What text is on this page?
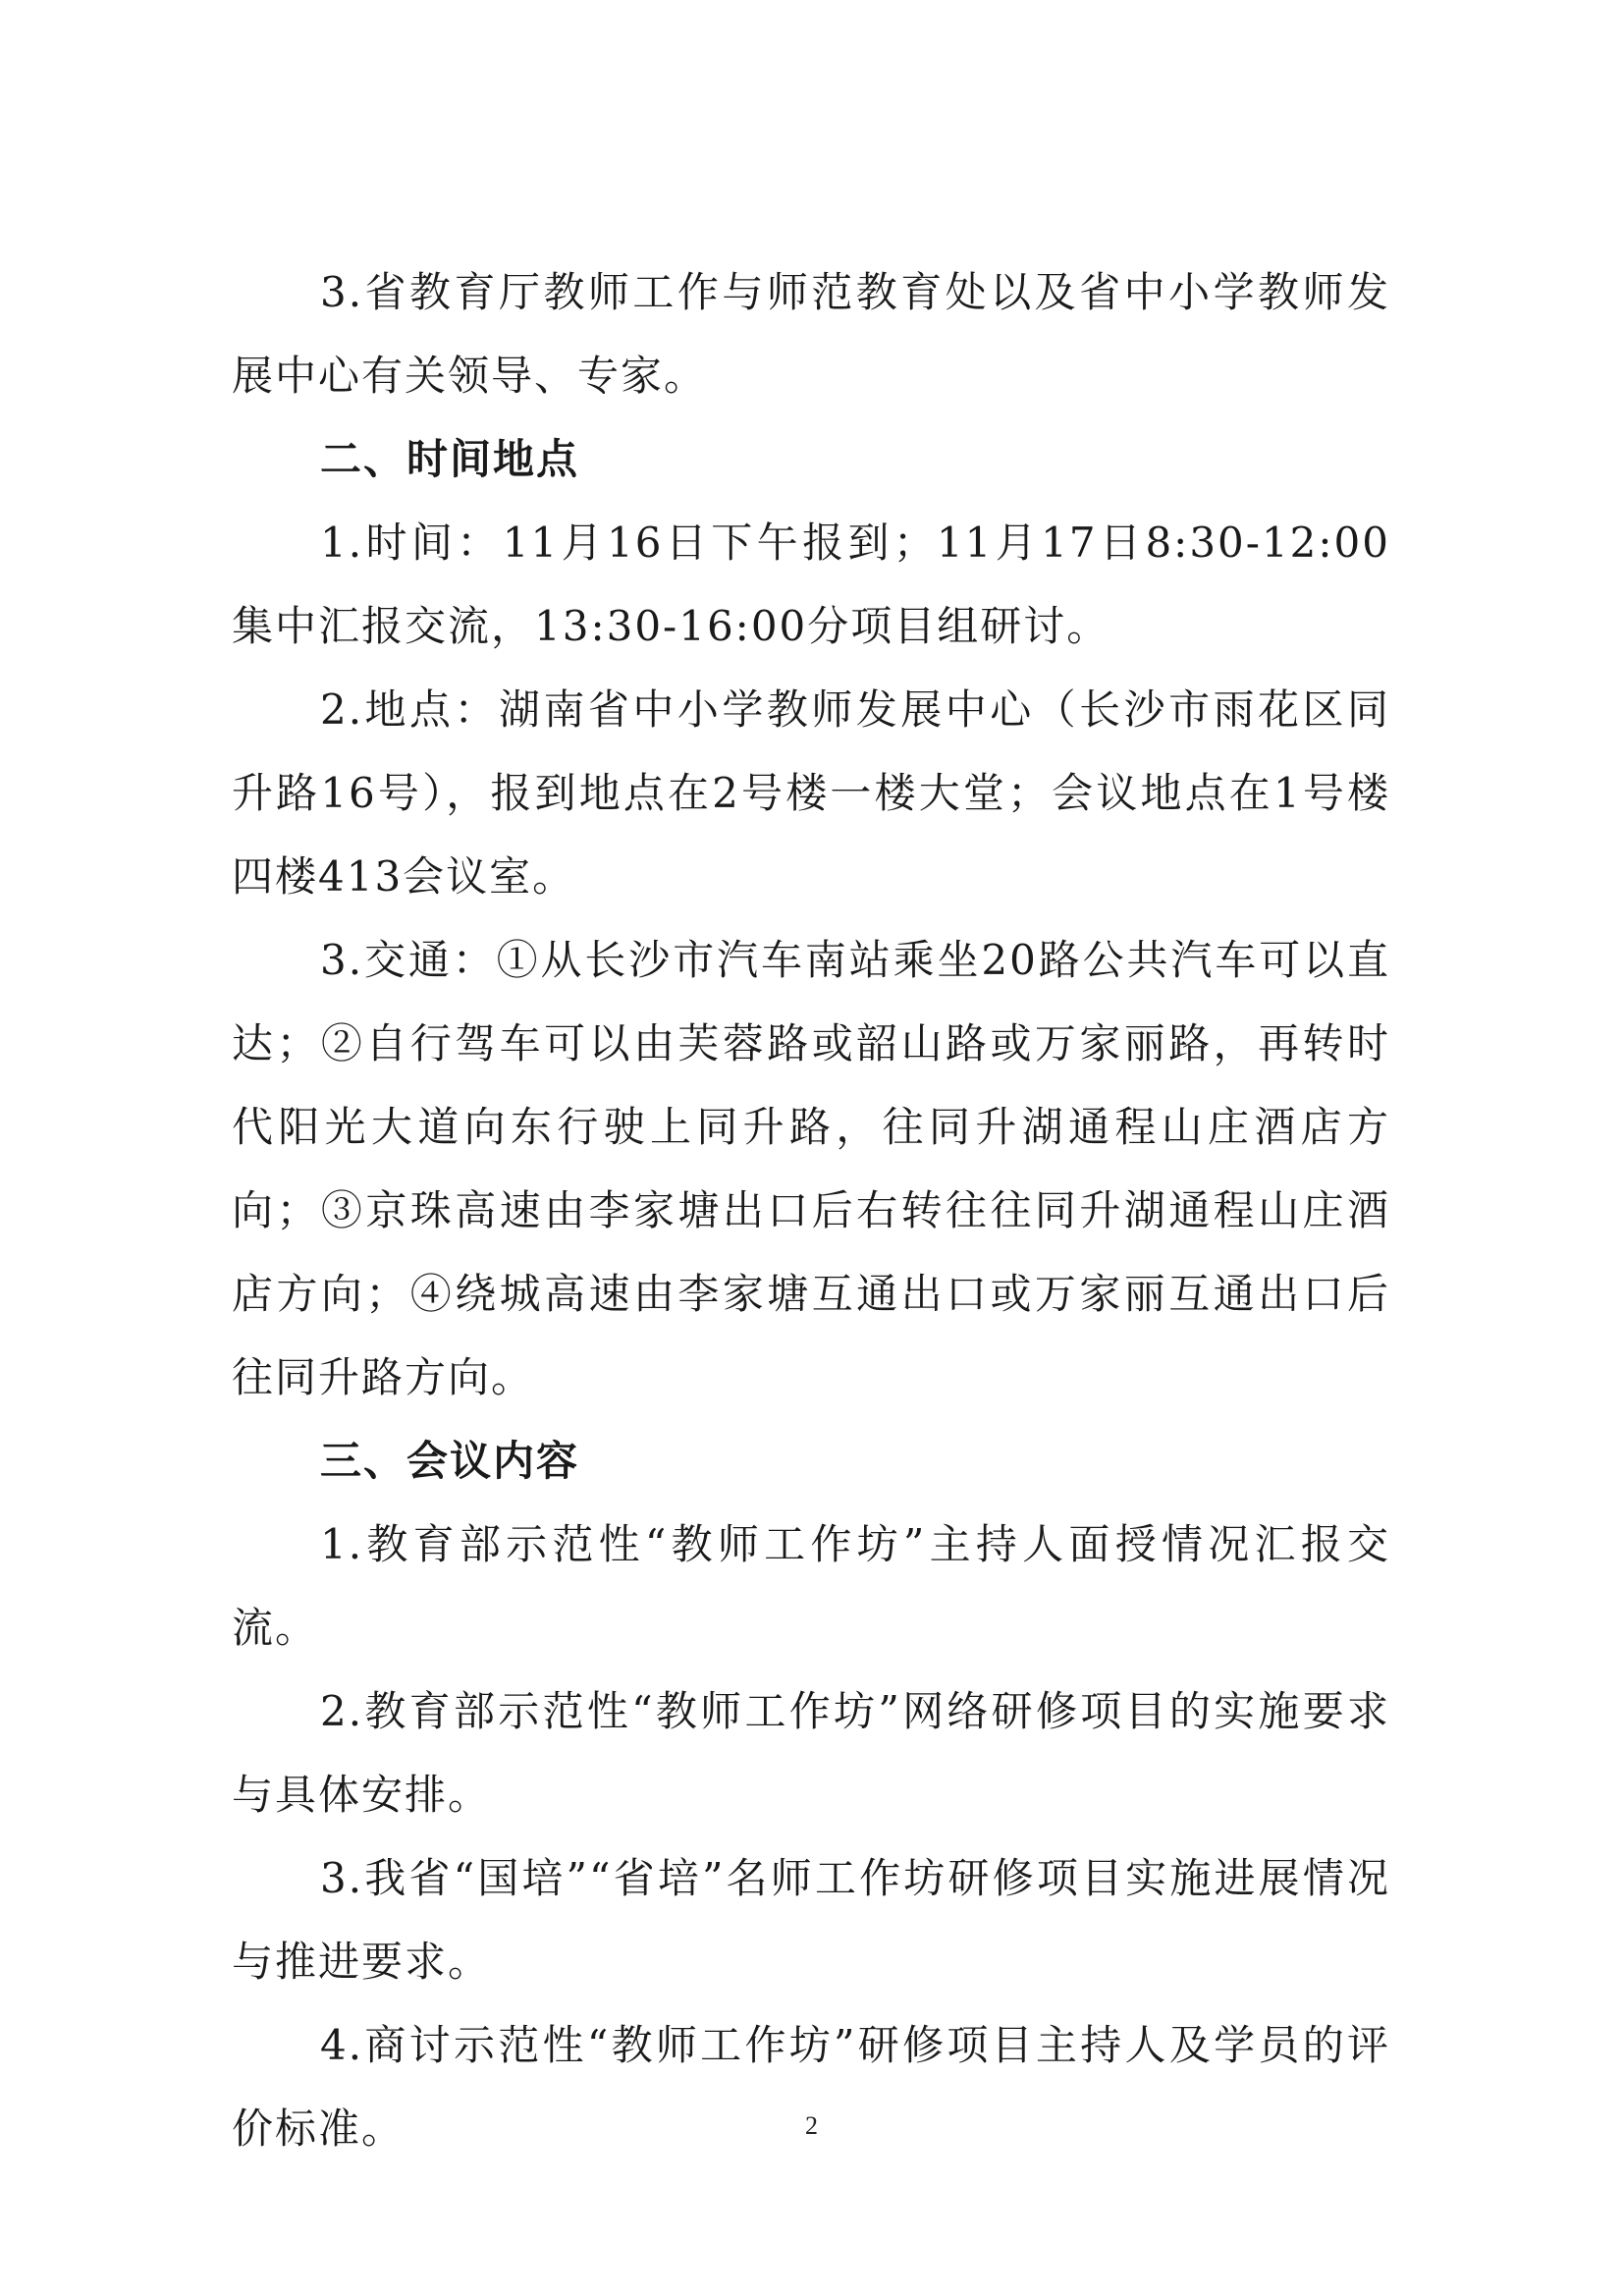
3.省教育厅教师工作与师范教育处以及省中小学教师发展中心有关领导、专家。

二、时间地点

1.时间：11月16日下午报到；11月17日8:30-12:00集中汇报交流，13:30-16:00分项目组研讨。

2.地点：湖南省中小学教师发展中心（长沙市雨花区同升路16号），报到地点在2号楼一楼大堂；会议地点在1号楼四楼413会议室。

3.交通：①从长沙市汽车南站乘坐20路公共汽车可以直达；②自行驾车可以由芙蓉路或韶山路或万家丽路，再转时代阳光大道向东行驶上同升路，往同升湖通程山庄酒店方向；③京珠高速由李家塘出口后右转往往同升湖通程山庄酒店方向；④绕城高速由李家塘互通出口或万家丽互通出口后往同升路方向。

三、会议内容

1.教育部示范性“教师工作坊”主持人面授情况汇报交流。

2.教育部示范性“教师工作坊”网络研修项目的实施要求与具体安排。

3.我省“国培”“省培”名师工作坊研修项目实施进展情况与推进要求。

4.商讨示范性“教师工作坊”研修项目主持人及学员的评价标准。	2
